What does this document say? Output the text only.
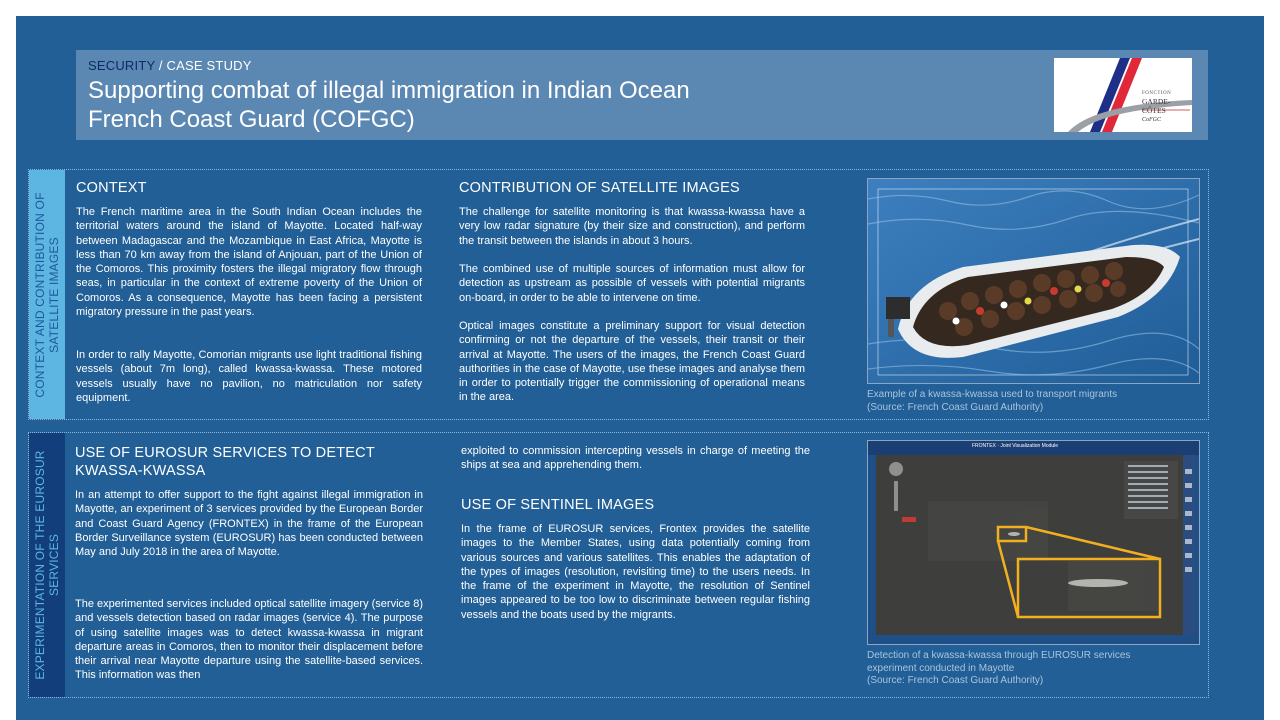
SECURITY / CASE STUDY
Supporting combat of illegal immigration in Indian Ocean
French Coast Guard (COFGC)
FONCTION
GARDE-CÔTES
CoFGC
CONTEXT AND CONTRIBUTION OF SATELLITE IMAGES
CONTEXT
The French maritime area in the South Indian Ocean includes the territorial waters around the island of Mayotte. Located half-way between Madagascar and the Mozambique in East Africa, Mayotte is less than 70 km away from the island of Anjouan, part of the Union of the Comoros. This proximity fosters the illegal migratory flow through seas, in particular in the context of extreme poverty of the Union of Comoros. As a consequence, Mayotte has been facing a persistent migratory pressure in the past years.
In order to rally Mayotte, Comorian migrants use light traditional fishing vessels (about 7m long), called kwassa-kwassa. These motored vessels usually have no pavilion, no matriculation nor safety equipment.
CONTRIBUTION OF SATELLITE IMAGES
The challenge for satellite monitoring is that kwassa-kwassa have a very low radar signature (by their size and construction), and perform the transit between the islands in about 3 hours.
The combined use of multiple sources of information must allow for detection as upstream as possible of vessels with potential migrants on-board, in order to be able to intervene on time.
Optical images constitute a preliminary support for visual detection confirming or not the departure of the vessels, their transit or their arrival at Mayotte. The users of the images, the French Coast Guard authorities in the case of Mayotte, use these images and analyse them in order to potentially trigger the commissioning of operational means in the area.	Example of a kwassa-kwassa used to transport migrants
(Source: French Coast Guard Authority)
EXPERIMENTATION OF THE EUROSUR SERVICES
USE OF EUROSUR SERVICES TO DETECT
KWASSA-KWASSA
In an attempt to offer support to the fight against illegal immigration in Mayotte, an experiment of 3 services provided by the European Border and Coast Guard Agency (FRONTEX) in the frame of the European Border Surveillance system (EUROSUR) has been conducted between May and July 2018 in the area of Mayotte.
The experimented services included optical satellite imagery (service 8) and vessels detection based on radar images (service 4). The purpose of using satellite images was to detect kwassa-kwassa in migrant departure areas in Comoros, then to monitor their displacement before their arrival near Mayotte departure using the satellite-based services. This information was then
exploited to commission intercepting vessels in charge of meeting the ships at sea and apprehending them.
USE OF SENTINEL IMAGES
In the frame of EUROSUR services, Frontex provides the satellite images to the Member States, using data potentially coming from various sources and various satellites. This enables the adaptation of the types of images (resolution, revisiting time) to the users needs. In the frame of the experiment in Mayotte, the resolution of Sentinel images appeared to be too low to discriminate between regular fishing vessels and the boats used by the migrants.
FRONTEX · Joint Visualization Module
Detection of a kwassa-kwassa through EUROSUR services
experiment conducted in Mayotte
(Source: French Coast Guard Authority)
